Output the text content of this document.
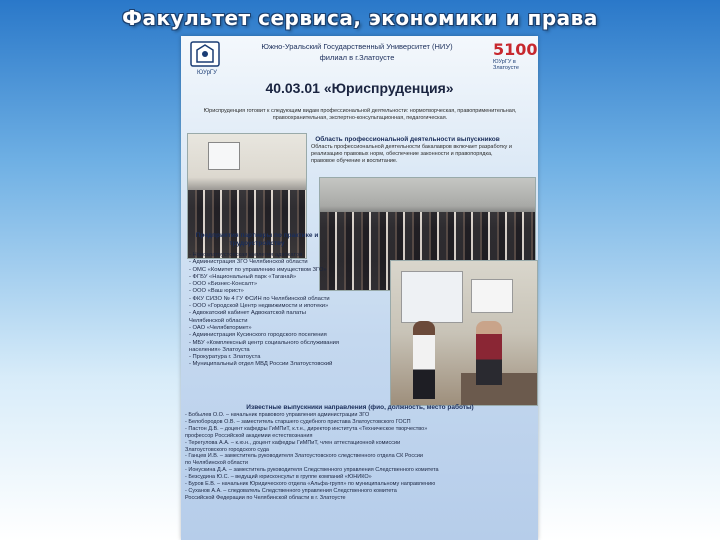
Факультет сервиса, экономики и права
ЮУрГУ
Южно-Уральский Государственный Университет (НИУ)
филиал в г.Златоусте	5100
ЮУрГУ в Златоусте
40.03.01 «Юриспруденция»
Юриспруденция готовит к следующим видам профессиональной деятельности: нормотворческая, правоприменительная, правоохранительная, экспертно-консультационная, педагогическая.
Область профессиональной деятельности выпускников
Область профессиональной деятельности бакалавров включает разработку и реализацию правовых норм, обеспечение законности и правопорядка, правовое обучение и воспитание.
Предприятия партнеры по практике и трудоустройству
- Новозлатоустовская коллегия адвокатов
- Администрация ЗГО Челябинской области
- ОМС «Комитет по управлению имуществом ЗГО»
- ФГБУ «Национальный парк «Таганай»
- ООО «Бизнес-Консалт»
- ООО «Ваш юрист»
- ФКУ СИЗО № 4 ГУ ФСИН по Челябинской области
- ООО «Городской Центр недвижимости и ипотеки»
- Адвокатский кабинет Адвокатской палаты
Челябинской области
- ОАО «Челябвтормет»
- Администрация Кусинского городского поселения
- МБУ «Комплексный центр социального обслуживания
населения» Златоуста
- Прокуратура г. Златоуста
- Муниципальный отдел МВД России Златоустовский
Известные выпускники направления (фио, должность, место работы)
- Бобылев О.О. – начальник правового управления администрации ЗГО
- Белобородов О.В. – заместитель старшего судебного пристава Златоустовского ГОСП
- Пастон Д.В. – доцент кафедры ГиМПиТ, к.т.н., директор института «Техническое творчество»
профессор Российской академии естествознания
- Терегулова А.А. – к.ю.н., доцент кафедры ГиМПиТ, член аттестационной комиссии
Златоустовского городского суда
- Ганцев И.В. – заместитель руководителя Златоустовского следственного отдела СК России
по Челябинской области
- Ионускина Д.А. – заместитель руководителя Следственного управления Следственного комитета
- Безсудина Ю.С. – ведущий юрисконсульт в группе компаний «ЮНИКО»
- Буров Е.В. – начальник Юридического отдела «Альфа-групп» по муниципальному направлению
- Суханов А.А. – следователь Следственного управления Следственного комитета
Российской Федерации по Челябинской области в г. Златоусте
